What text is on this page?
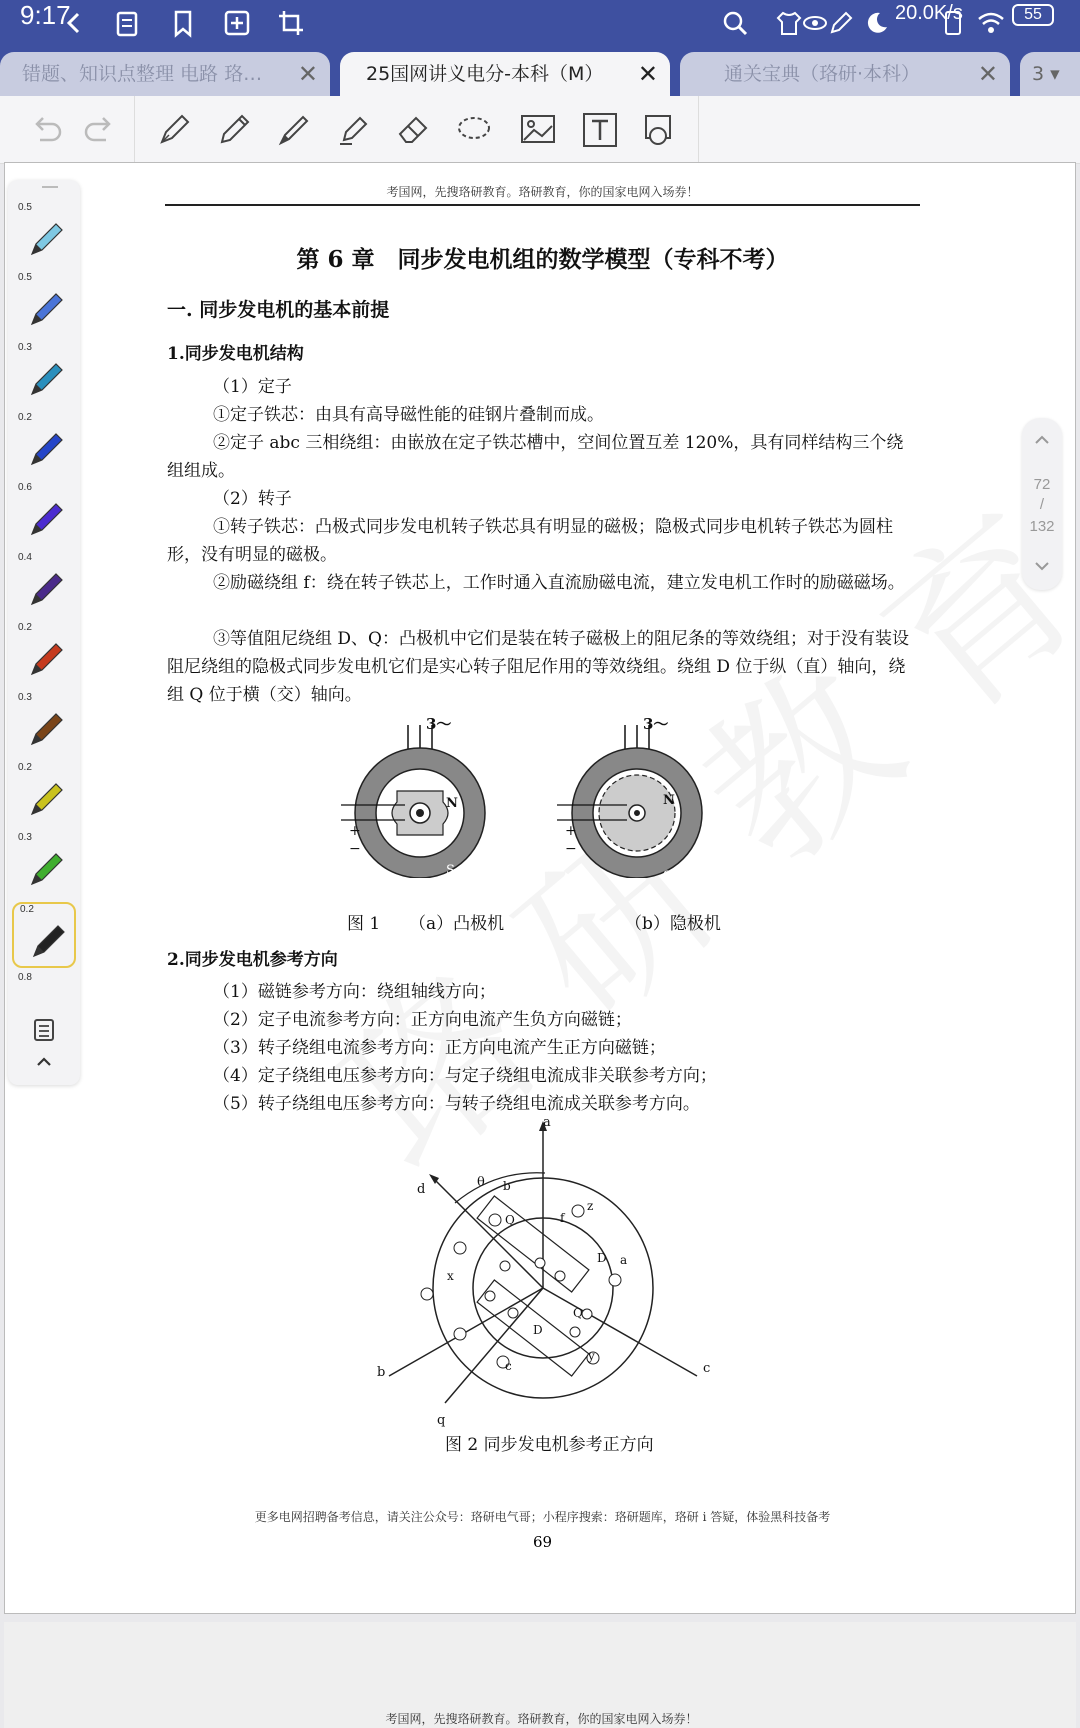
9:17	20.0K/s	55
错题、知识点整理 电路 珞… ✕	25国网讲义电分-本科（M） ✕	通关宝典（珞研·本科） ✕	3 ▾
考国网，先搜珞研教育。珞研教育，你的国家电网入场券！
第 6 章　同步发电机组的数学模型（专科不考）
一. 同步发电机的基本前提
1.同步发电机结构
（1）定子
①定子铁芯：由具有高导磁性能的硅钢片叠制而成。
②定子 abc 三相绕组：由嵌放在定子铁芯槽中，空间位置互差 120%，具有同样结构三个绕组组成。
（2）转子
①转子铁芯：凸极式同步发电机转子铁芯具有明显的磁极；隐极式同步电机转子铁芯为圆柱形，没有明显的磁极。
②励磁绕组 f：绕在转子铁芯上，工作时通入直流励磁电流，建立发电机工作时的励磁磁场。
③等值阻尼绕组 D、Q：凸极机中它们是装在转子磁极上的阻尼条的等效绕组；对于没有装设阻尼绕组的隐极式同步发电机它们是实心转子阻尼作用的等效绕组。绕组 D 位于纵（直）轴向，绕组 Q 位于横（交）轴向。
3～	3～
+
−
+
−
N
S
N
S
图 1 （a）凸极机	（b）隐极机
2.同步发电机参考方向
（1）磁链参考方向：绕组轴线方向；
（2）定子电流参考方向：正方向电流产生负方向磁链；
（3）转子绕组电流参考方向：正方向电流产生正方向磁链；
（4）定子绕组电压参考方向：与定子绕组电流成非关联参考方向；
（5）转子绕组电压参考方向：与转子绕组电流成关联参考方向。
a
d	θ
c
b
q
Q	f
D
D
Q
x
z
a
y
c
b
图 2 同步发电机参考正方向
更多电网招聘备考信息，请关注公众号：珞研电气哥；小程序搜索：珞研题库，珞研 i 答疑，体验黑科技备考
69
考国网，先搜珞研教育。珞研教育，你的国家电网入场券！
0.5
0.5
0.3
0.2
0.6
0.4
0.2
0.3
0.2
0.3
0.2
0.8
72
/
132
